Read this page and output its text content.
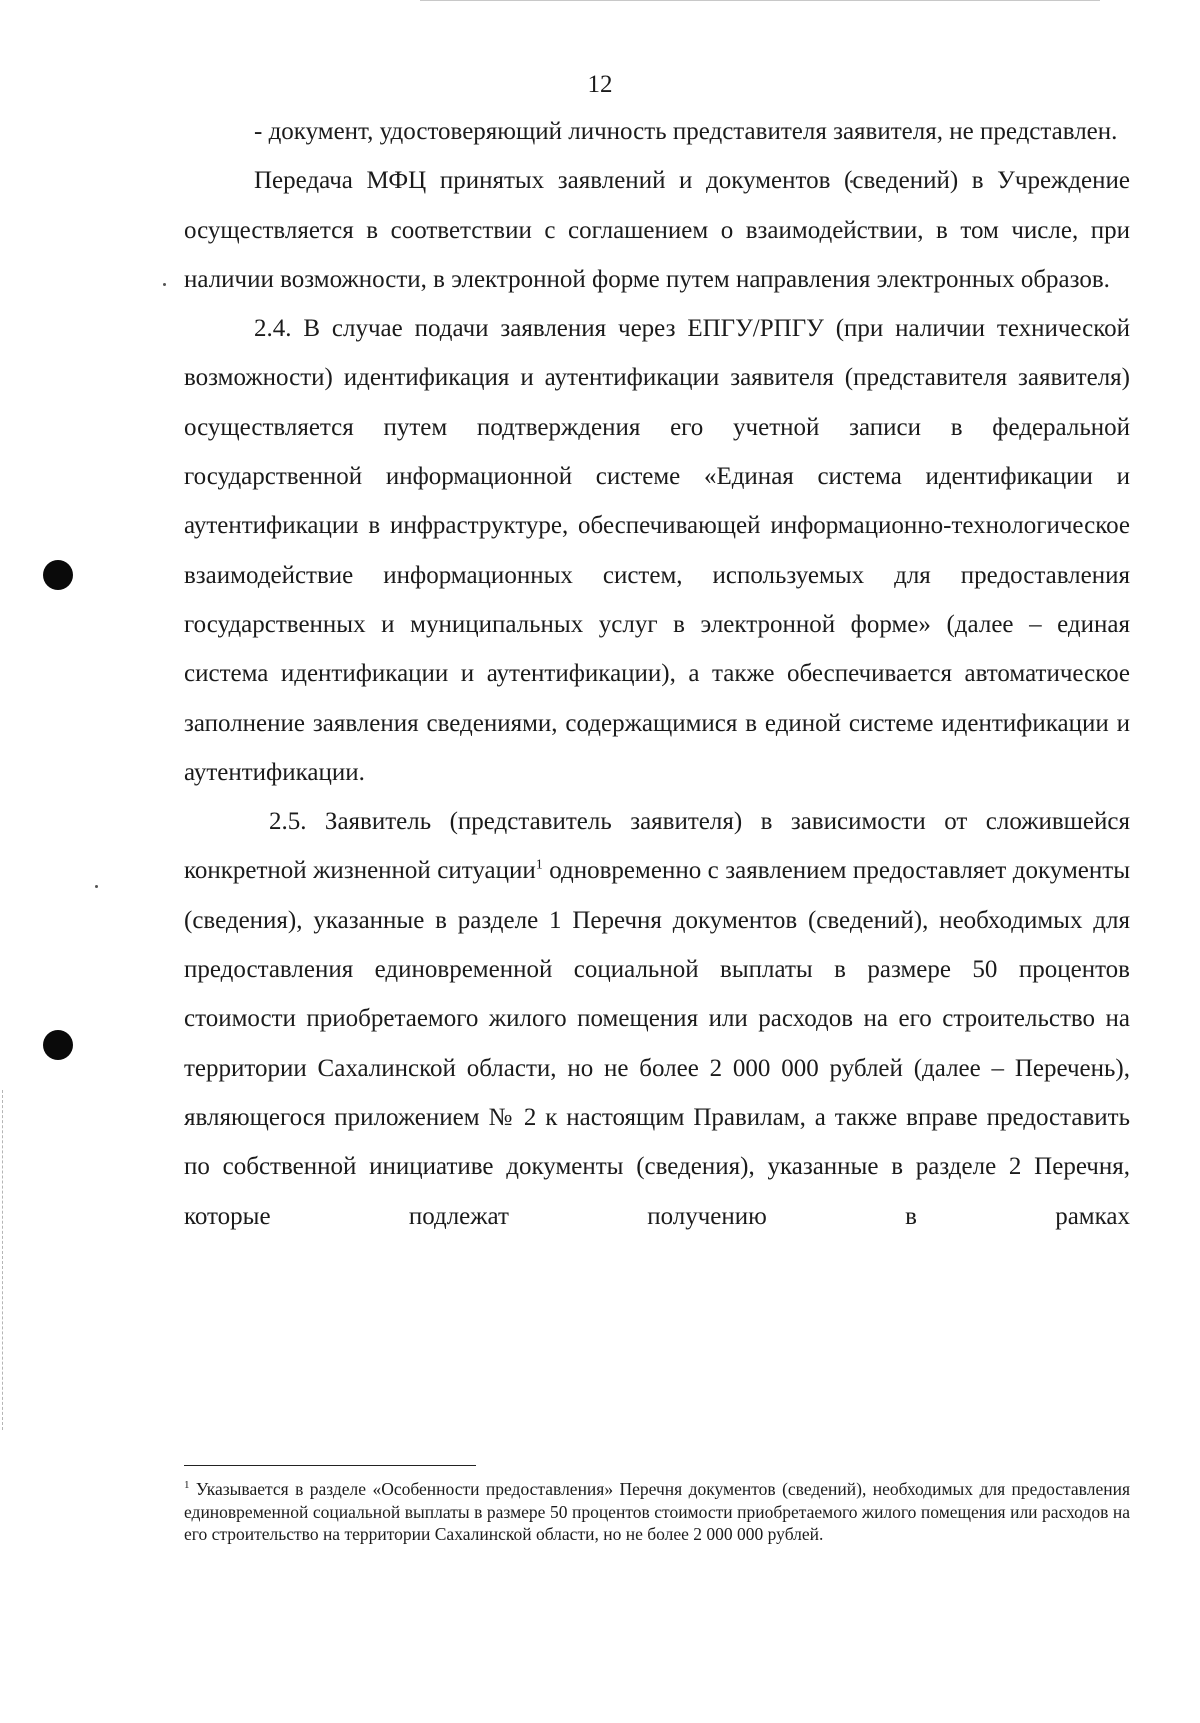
12

- документ, удостоверяющий личность представителя заявителя, не представлен.

Передача МФЦ принятых заявлений и документов (сведений) в Учреждение осуществляется в соответствии с соглашением о взаимодействии, в том числе, при наличии возможности, в электронной форме путем направления электронных образов.

2.4. В случае подачи заявления через ЕПГУ/РПГУ (при наличии технической возможности) идентификация и аутентификации заявителя (представителя заявителя) осуществляется путем подтверждения его учетной записи в федеральной государственной информационной системе «Единая система идентификации и аутентификации в инфраструктуре, обеспечивающей информационно-технологическое взаимодействие информационных систем, используемых для предоставления государственных и муниципальных услуг в электронной форме» (далее – единая система идентификации и аутентификации), а также обеспечивается автоматическое заполнение заявления сведениями, содержащимися в единой системе идентификации и аутентификации.

2.5. Заявитель (представитель заявителя) в зависимости от сложившейся конкретной жизненной ситуации$^1$ одновременно с заявлением предоставляет документы (сведения), указанные в разделе 1 Перечня документов (сведений), необходимых для предоставления единовременной социальной выплаты в размере 50 процентов стоимости приобретаемого жилого помещения или расходов на его строительство на территории Сахалинской области, но не более 2 000 000 рублей (далее – Перечень), являющегося приложением № 2 к настоящим Правилам, а также вправе предоставить по собственной инициативе документы (сведения), указанные в разделе 2 Перечня, которые подлежат получению в рамках

$^1$ Указывается в разделе «Особенности предоставления» Перечня документов (сведений), необходимых для предоставления единовременной социальной выплаты в размере 50 процентов стоимости приобретаемого жилого помещения или расходов на его строительство на территории Сахалинской области, но не более 2 000 000 рублей.
